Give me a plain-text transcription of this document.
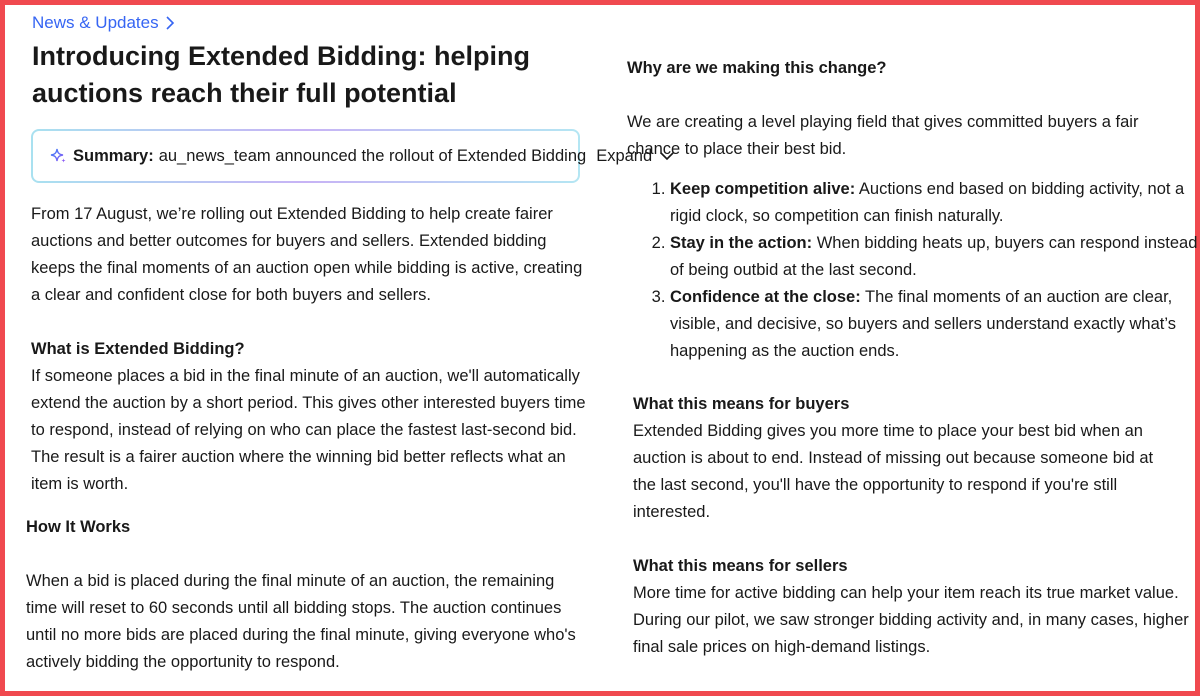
News & Updates
Introducing Extended Bidding: helping auctions reach their full potential
Summary: au_news_team announced the rollout of Extended Bidding Expand

From 17 August, we’re rolling out Extended Bidding to help create fairer auctions and better outcomes for buyers and sellers. Extended bidding keeps the final moments of an auction open while bidding is active, creating a clear and confident close for both buyers and sellers.

What is Extended Bidding?

If someone places a bid in the final minute of an auction, we'll automatically extend the auction by a short period. This gives other interested buyers time to respond, instead of relying on who can place the fastest last-second bid. The result is a fairer auction where the winning bid better reflects what an item is worth.

How It Works

When a bid is placed during the final minute of an auction, the remaining time will reset to 60 seconds until all bidding stops. The auction continues until no more bids are placed during the final minute, giving everyone who's actively bidding the opportunity to respond.

Why are we making this change?

We are creating a level playing field that gives committed buyers a fair chance to place their best bid.

1. Keep competition alive: Auctions end based on bidding activity, not a rigid clock, so competition can finish naturally.
2. Stay in the action: When bidding heats up, buyers can respond instead of being outbid at the last second.
3. Confidence at the close: The final moments of an auction are clear, visible, and decisive, so buyers and sellers understand exactly what’s happening as the auction ends.

What this means for buyers

Extended Bidding gives you more time to place your best bid when an auction is about to end. Instead of missing out because someone bid at the last second, you'll have the opportunity to respond if you're still interested.

What this means for sellers

More time for active bidding can help your item reach its true market value. During our pilot, we saw stronger bidding activity and, in many cases, higher final sale prices on high-demand listings.
